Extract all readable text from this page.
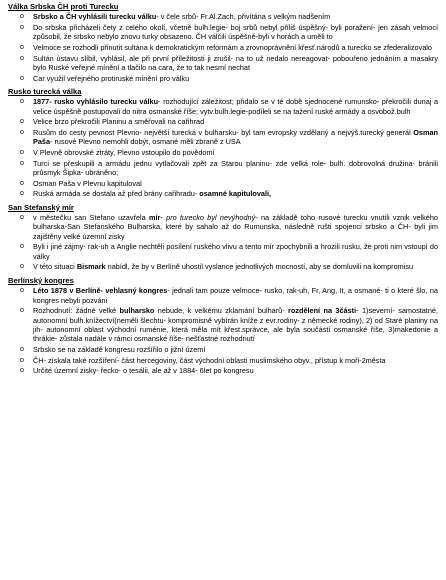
Válka Srbska ČH proti Turecku
o Srbsko a ČH vyhlásili turecku válku- v čele srbů- Fr.Al.Zach, přivítána s velkým nadšením
o Do srbska přicházeli čety z celého okolí, včetně bulh.legie- boj srbů nebyl příliš úspěšný- byli poražení- jen zásah velmocí způsobil, že srbsko nebylo znovu turky obsazeno. ČH válčili úspěšně-byli v horách a uměli to
o Velmoce se rozhodli přinutit sultána k demokratickým reformám a zrovnoprávnění křesť.národů a turecko se zfederalizovalo
o Sultán ústavu slíbil, vyhlásil, ale při první příležitosti ji zrušil- na to už nedalo nereagovat- pobouřeno jednáním a masakry bylo Ruské veřejné mínění a tlačilo na cara, že to tak nesmí nechat
o Car využil veřejného protiruské mínění pro válku
Rusko turecká válka
o 1877- rusko vyhlásilo turecku válku- rozhodující záležitost; přidalo se v té době sjednocené rumunsko- překročili dunaj a velice úspěšně postupovali do nitra osmanské říše; vytv.bulh.legie-podíleli se na tažení ruské armády a osvobož.bulh
o Velice brzo překročili Planinu a směřovali na cařihrad
o Rusům do cesty pevnost Plevno- největší turecká v bulharsku- byl tam evropsky vzdělaný a nejvýš.turecký generál Osman Paša- rusové Plevno nemohli dobýt, osmané měli zbraně z USA
o V Plevně obrovské ztráty, Plevno vstoupilo do povědomí
o Turci se přeskupili a armádu jednu vytlačovali zpět za Starou planinu- zde velká role- bulh. dobrovolná družina- bránili průsmyk Šipka- ubráněno;
o Osman Paša v Plevnu kapituloval
o Ruská armáda se dostala až před brány cařihradu- osamné kapitulovali,
San Stefanský mír
o v městečku san Stefano uzavřela mír- pro turecko byl nevýhodný- na základě toho rusové turecku vnutili vznik velkého bulharska-San Stefanského Bulharska, které by sahalo až do Rumunska, následně rušti spojenci srbsko a ČH- byli jim zajištěny velké územní zisky
o Byli i jiné zájmy- rak-uh a Anglie nechtěli posílení ruského vlivu a tento mír zpochybnili a hrozili rusku, že proti nim vstoupí do války
o V této situaci Bismark nabídl, že by v Berlíně uhostil vyslance jednotlivých mocností, aby se domluvili na kompromisu
Berlínský kongres
o Léto 1878 v Berlíně- vehlasný kongres- jednali tam pouze velmoce- rusko, rak-uh, Fr, Ang, It, a osmané- ti o které šlo, na kongres nebyli pozváni
o Rozhodnutí: žádné velké bulharsko nebude, k velkému zklamání bulharů- rozdělení na 3části- 1)severní- samostatné, autonomní bulh.knížectví(neměli šlechtu- kompromisně vybírán kníže z evr.rodiny- z německé rodiny), 2) od Staré planiny na jih- autonomní oblast východní ruménie, která měla mít křest.správce, ale byla součástí osmanské říše, 3)makedonie a thrákie- zůstala nadále v rámci osmanské říše- nešťastné rozhodnutí
o Srbsko se na základě kongresu rozšířilo o jižní území
o ČH- získala také rozšíření- část hercegoviny, část východní oblasti muslimského obyv., přístup k moři-2města
o Určité územní zisky- řecko- o tesálii, ale až v 1884- 6let po kongresu
